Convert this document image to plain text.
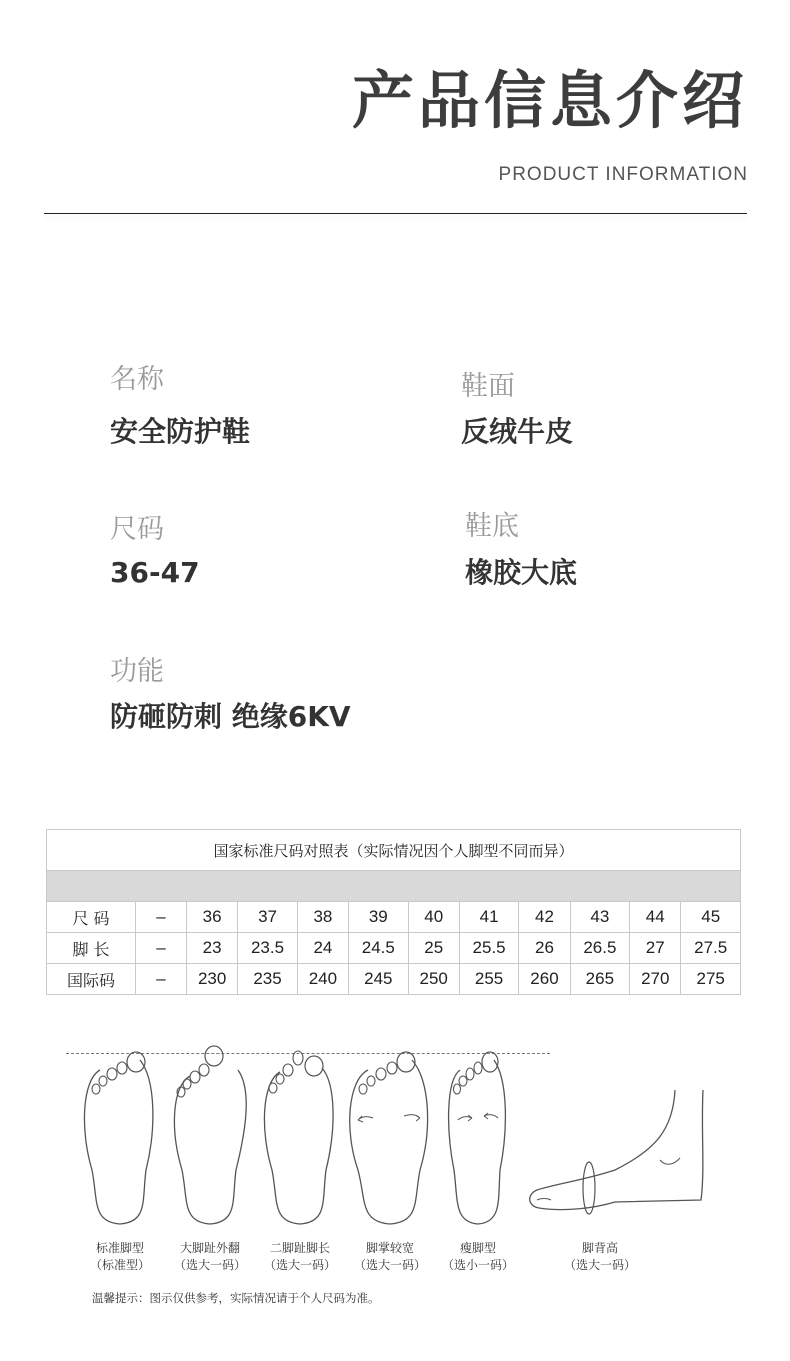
产品信息介绍
PRODUCT INFORMATION
名称
安全防护鞋
鞋面
反绒牛皮
尺码
36-47
鞋底
橡胶大底
功能
防砸防刺 绝缘6KV
国家标准尺码对照表（实际情况因个人脚型不同而异）											

尺 码	–	36	37	38	39	40	41	42	43	44	45
脚 长	–	23	23.5	24	24.5	25	25.5	26	26.5	27	27.5
国际码	–	230	235	240	245	250	255	260	265	270	275
标准脚型
（标准型）
大脚趾外翻
（选大一码）
二脚趾脚长
（选大一码）
脚掌较宽
（选大一码）
瘦脚型
（选小一码）
脚背高
（选大一码）
温馨提示：图示仅供参考，实际情况请于个人尺码为准。
